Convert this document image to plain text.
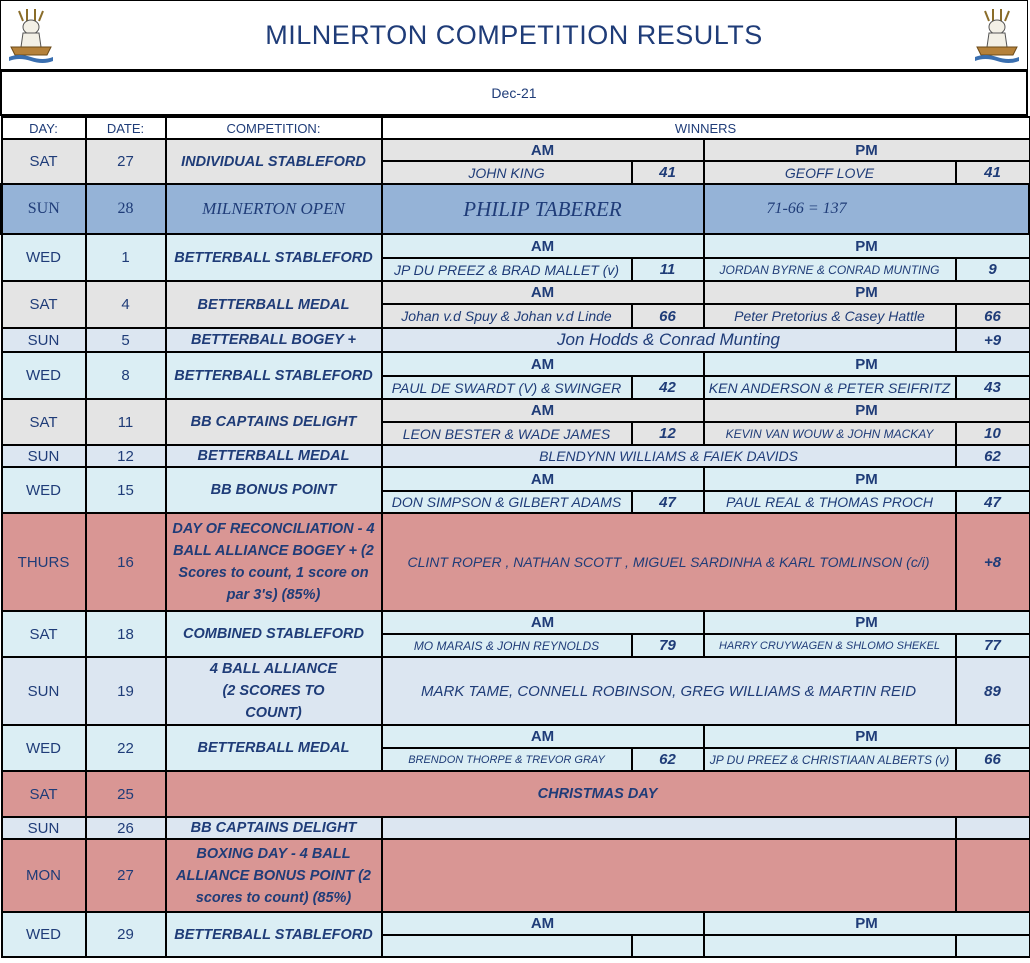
MILNERTON COMPETITION RESULTS
Dec-21
DAY:	DATE:	COMPETITION:	WINNERS			
SAT	27	INDIVIDUAL STABLEFORD	AM		PM	
			JOHN KING	41	GEOFF LOVE	41
SUN	28	MILNERTON OPEN	PHILIP TABERER		71-66 = 137	
WED	1	BETTERBALL STABLEFORD	AM		PM	
			JP DU PREEZ & BRAD MALLET (v)	11	JORDAN BYRNE & CONRAD MUNTING	9
SAT	4	BETTERBALL MEDAL	AM		PM	
			Johan v.d Spuy & Johan v.d Linde	66	Peter Pretorius & Casey Hattle	66
SUN	5	BETTERBALL BOGEY +	Jon Hodds & Conrad Munting			+9
WED	8	BETTERBALL STABLEFORD	AM		PM	
			PAUL DE SWARDT (V) & SWINGER	42	KEN ANDERSON & PETER SEIFRITZ	43
SAT	11	BB CAPTAINS DELIGHT	AM		PM	
			LEON BESTER & WADE JAMES	12	KEVIN VAN WOUW & JOHN MACKAY	10
SUN	12	BETTERBALL MEDAL	BLENDYNN WILLIAMS & FAIEK DAVIDS			62
WED	15	BB BONUS POINT	AM		PM	
			DON SIMPSON & GILBERT ADAMS	47	PAUL REAL & THOMAS PROCH	47
THURS	16	DAY OF RECONCILIATION - 4 BALL ALLIANCE BOGEY + (2 Scores to count, 1 score on par 3's) (85%)	CLINT ROPER , NATHAN SCOTT , MIGUEL SARDINHA & KARL TOMLINSON (c/i)			+8
SAT	18	COMBINED STABLEFORD	AM		PM	
			MO MARAIS & JOHN REYNOLDS	79	HARRY CRUYWAGEN & SHLOMO SHEKEL	77
SUN	19	4 BALL ALLIANCE (2 SCORES TO COUNT)	MARK TAME, CONNELL ROBINSON, GREG WILLIAMS & MARTIN REID			89
WED	22	BETTERBALL MEDAL	AM		PM	
			BRENDON THORPE & TREVOR GRAY	62	JP DU PREEZ & CHRISTIAAN ALBERTS (v)	66
SAT	25	CHRISTMAS DAY				
SUN	26	BB CAPTAINS DELIGHT				
MON	27	BOXING DAY - 4 BALL ALLIANCE BONUS POINT (2 scores to count) (85%)				
WED	29	BETTERBALL STABLEFORD	AM		PM	
